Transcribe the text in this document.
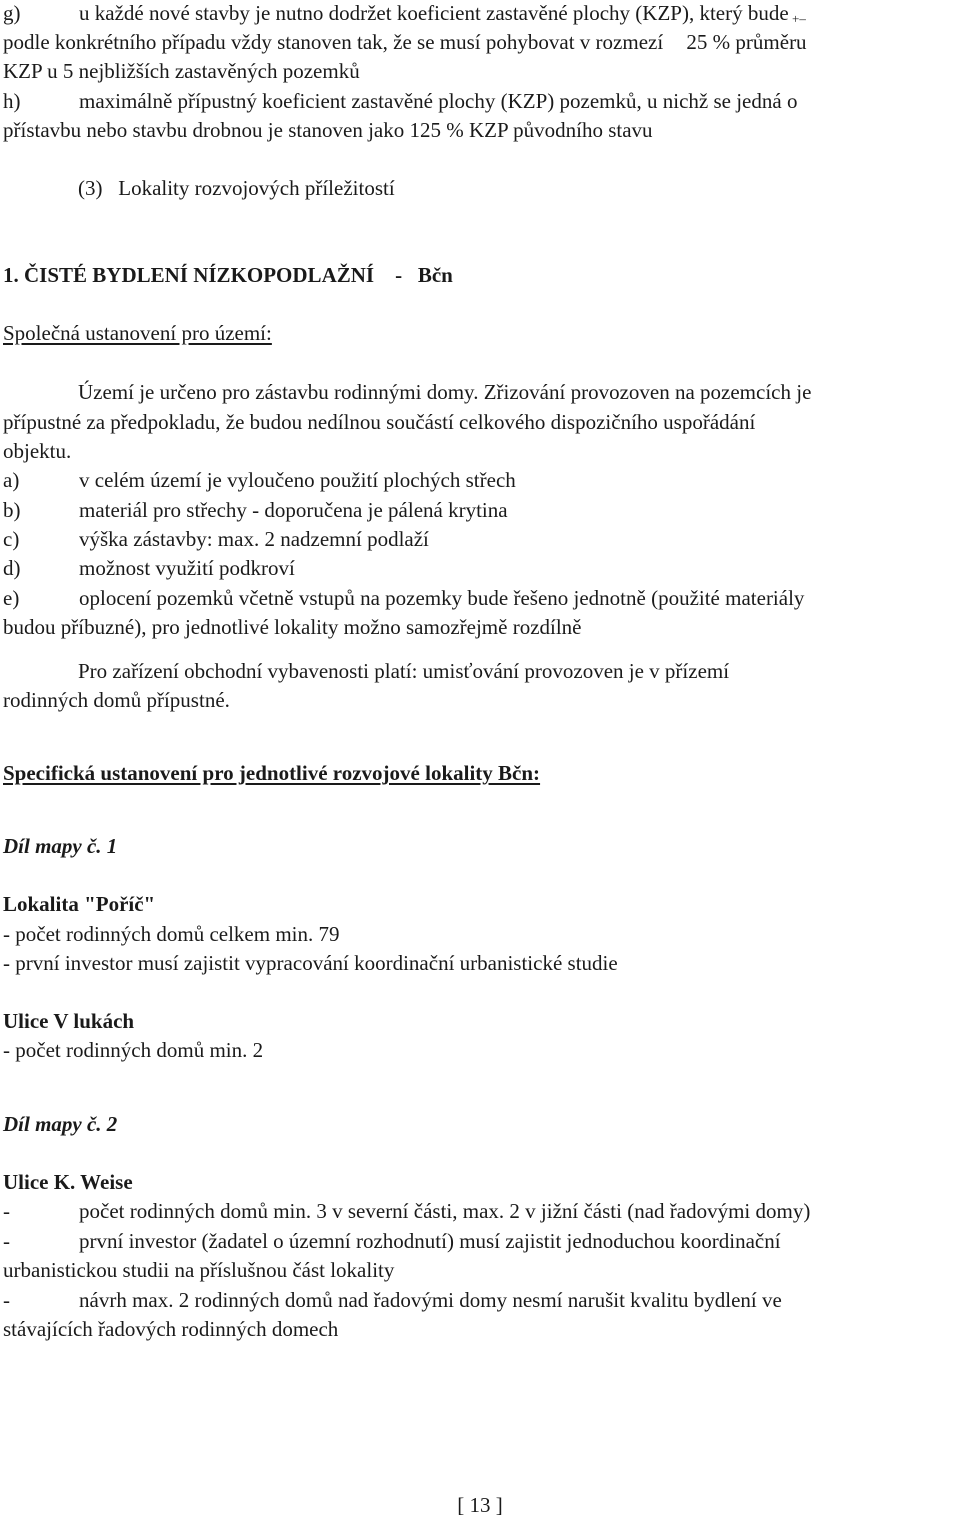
g)	u každé nové stavby je nutno dodržet koeficient zastavěné plochy (KZP), který bude
podle konkrétního případu vždy stanoven tak, že se musí pohybovat v rozmezí 25 % průměru
+–
KZP u 5 nejbližších zastavěných pozemků
h)	maximálně přípustný koeficient zastavěné plochy (KZP) pozemků, u nichž se jedná o
přístavbu nebo stavbu drobnou je stanoven jako 125 % KZP původního stavu
(3)   Lokality rozvojových příležitostí
1. ČISTÉ BYDLENÍ NÍZKOPODLAŽNÍ    -   Bčn
Společná ustanovení pro území:
Území je určeno pro zástavbu rodinnými domy. Zřizování provozoven na pozemcích je
přípustné za předpokladu, že budou nedílnou součástí celkového dispozičního uspořádání
objektu.
a)	v celém území je vyloučeno použití plochých střech
b)	materiál pro střechy - doporučena je pálená krytina
c)	výška zástavby: max. 2 nadzemní podlaží
d)	možnost využití podkroví
e)	oplocení pozemků včetně vstupů na pozemky bude řešeno jednotně (použité materiály
budou příbuzné), pro jednotlivé lokality možno samozřejmě rozdílně
Pro zařízení obchodní vybavenosti platí: umisťování provozoven je v přízemí
rodinných domů přípustné.
Specifická ustanovení pro jednotlivé rozvojové lokality Bčn:
Díl mapy č. 1
Lokalita "Poříč"
- počet rodinných domů celkem min. 79
- první investor musí zajistit vypracování koordinační urbanistické studie
Ulice V lukách
- počet rodinných domů min. 2
Díl mapy č. 2
Ulice K. Weise
-	počet rodinných domů min. 3 v severní části, max. 2 v jižní části (nad řadovými domy)
-	první investor (žadatel o územní rozhodnutí) musí zajistit jednoduchou koordinační
urbanistickou studii na příslušnou část lokality
-	návrh max. 2 rodinných domů nad řadovými domy nesmí narušit kvalitu bydlení ve
stávajících řadových rodinných domech
[ 13 ]
